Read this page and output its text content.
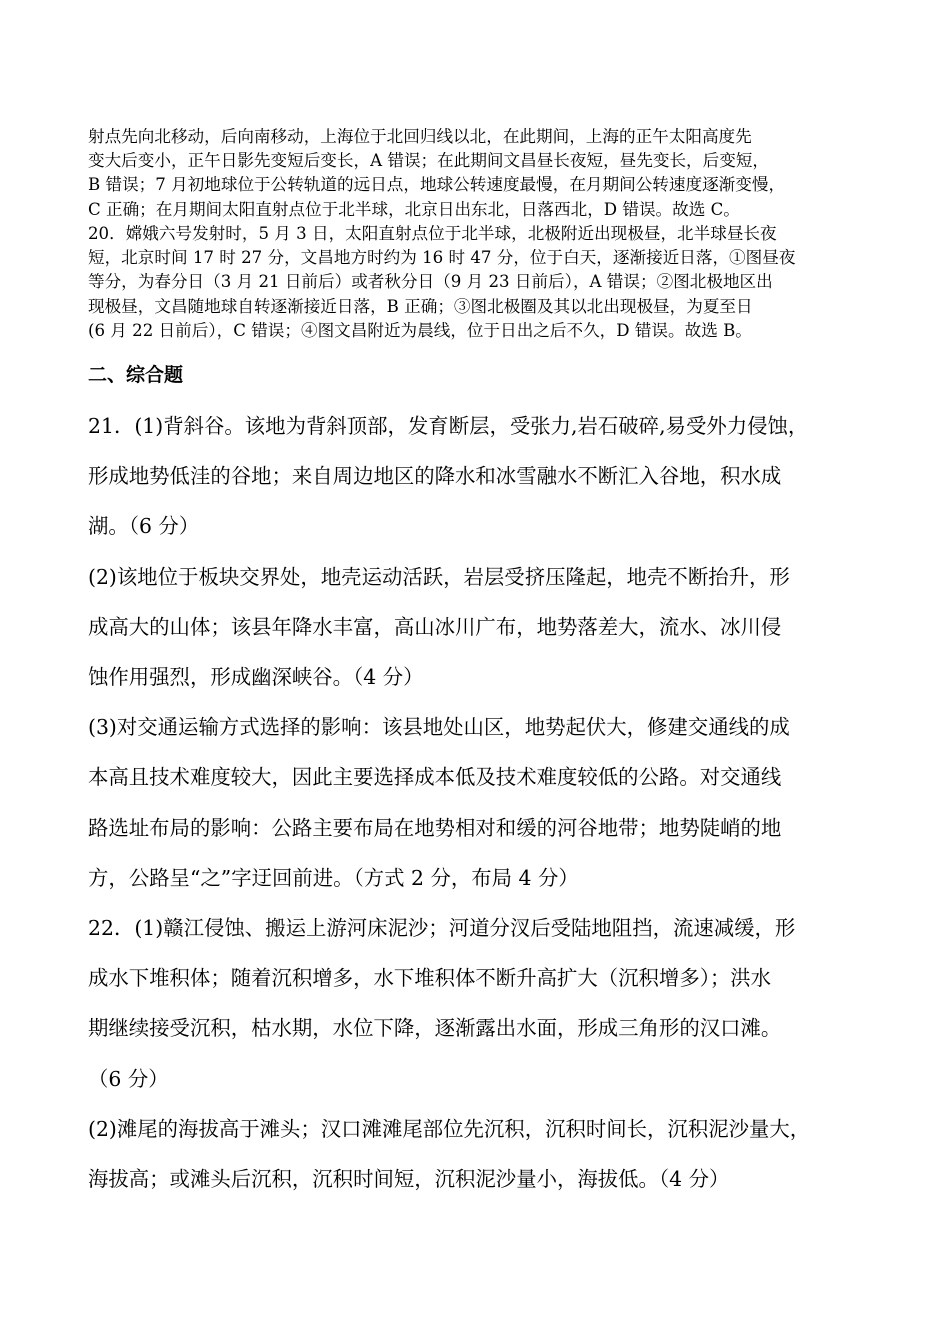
射点先向北移动，后向南移动，上海位于北回归线以北，在此期间，上海的正午太阳高度先
变大后变小，正午日影先变短后变长，A 错误；在此期间文昌昼长夜短，昼先变长，后变短，
B 错误；7 月初地球位于公转轨道的远日点，地球公转速度最慢，在月期间公转速度逐渐变慢，
C 正确；在月期间太阳直射点位于北半球，北京日出东北，日落西北，D 错误。故选 C。
20．嫦娥六号发射时，5 月 3 日，太阳直射点位于北半球，北极附近出现极昼，北半球昼长夜
短，北京时间 17 时 27 分，文昌地方时约为 16 时 47 分，位于白天，逐渐接近日落，①图昼夜
等分，为春分日（3 月 21 日前后）或者秋分日（9 月 23 日前后），A 错误；②图北极地区出
现极昼，文昌随地球自转逐渐接近日落，B 正确；③图北极圈及其以北出现极昼，为夏至日
(6 月 22 日前后），C 错误；④图文昌附近为晨线，位于日出之后不久，D 错误。故选 B。
二、综合题
21．(1)背斜谷。该地为背斜顶部，发育断层，受张力,岩石破碎,易受外力侵蚀，
形成地势低洼的谷地；来自周边地区的降水和冰雪融水不断汇入谷地，积水成
湖。（6 分）
(2)该地位于板块交界处，地壳运动活跃，岩层受挤压隆起，地壳不断抬升，形
成高大的山体；该县年降水丰富，高山冰川广布，地势落差大，流水、冰川侵
蚀作用强烈，形成幽深峡谷。（4 分）
(3)对交通运输方式选择的影响：该县地处山区，地势起伏大，修建交通线的成
本高且技术难度较大，因此主要选择成本低及技术难度较低的公路。对交通线
路选址布局的影响：公路主要布局在地势相对和缓的河谷地带；地势陡峭的地
方，公路呈“之”字迂回前进。（方式 2 分，布局 4 分）
22．(1)赣江侵蚀、搬运上游河床泥沙；河道分汊后受陆地阻挡，流速减缓，形
成水下堆积体；随着沉积增多，水下堆积体不断升高扩大（沉积增多）；洪水
期继续接受沉积，枯水期，水位下降，逐渐露出水面，形成三角形的汉口滩。
（6 分）
(2)滩尾的海拔高于滩头；汉口滩滩尾部位先沉积，沉积时间长，沉积泥沙量大，
海拔高；或滩头后沉积，沉积时间短，沉积泥沙量小，海拔低。（4 分）
